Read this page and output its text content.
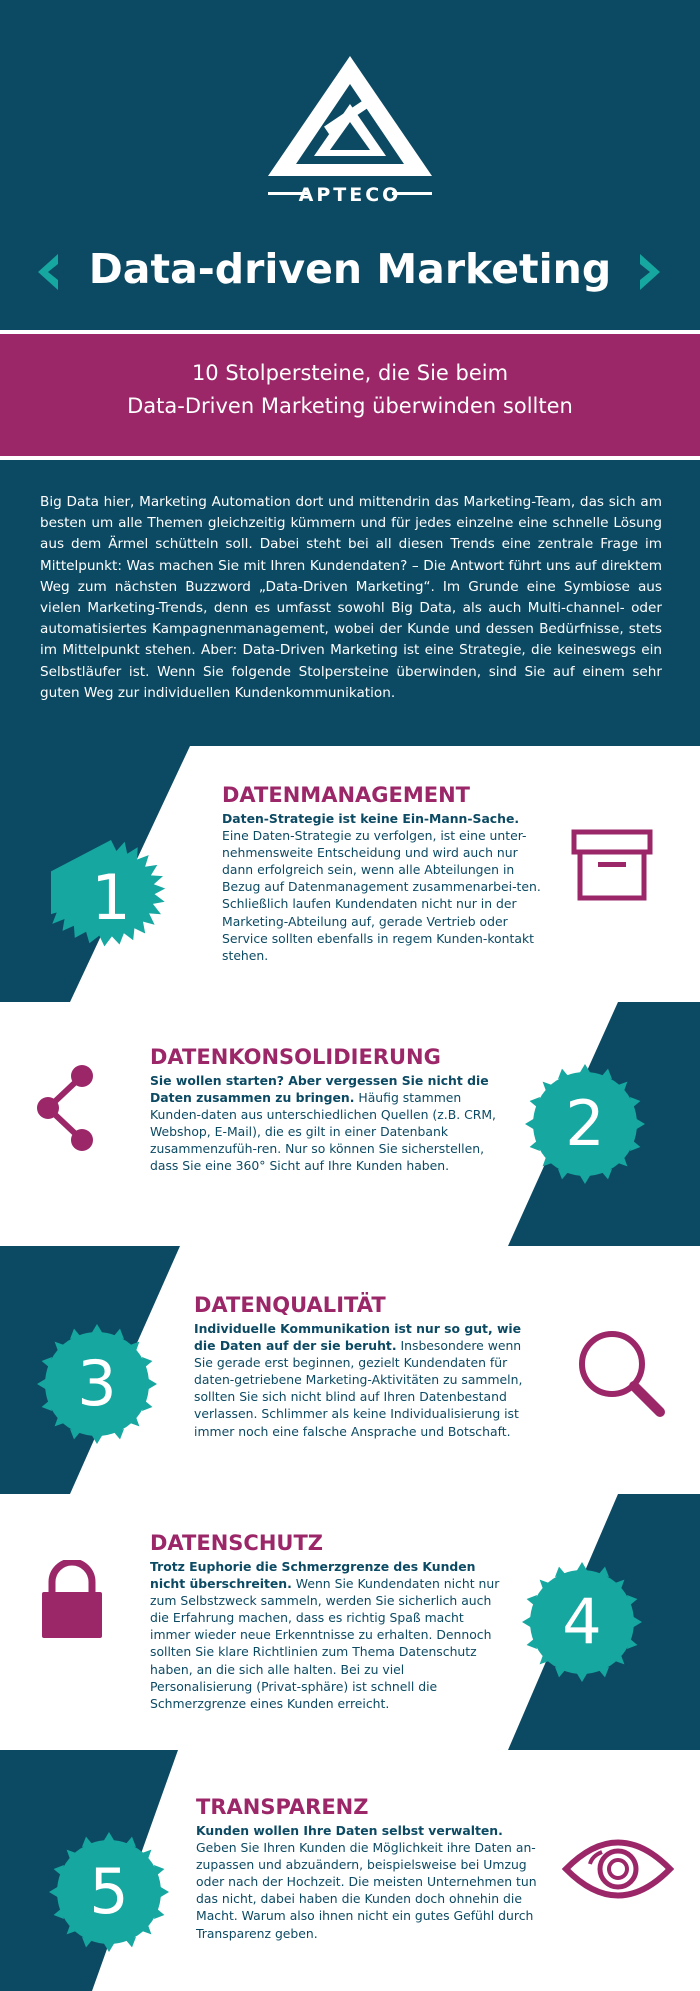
APTECO
Data-driven Marketing
10 Stolpersteine, die Sie beim
Data-Driven Marketing überwinden sollten
Big Data hier, Marketing Automation dort und mittendrin das Marketing-Team, das sich am besten um alle Themen gleichzeitig kümmern und für jedes einzelne eine schnelle Lösung aus dem Ärmel schütteln soll. Dabei steht bei all diesen Trends eine zentrale Frage im Mittelpunkt: Was machen Sie mit Ihren Kundendaten? – Die Antwort führt uns auf direktem Weg zum nächsten Buzzword „Data-Driven Marketing“. Im Grunde eine Symbiose aus vielen Marketing-Trends, denn es umfasst sowohl Big Data, als auch Multi-channel- oder automatisiertes Kampagnenmanagement, wobei der Kunde und dessen Bedürfnisse, stets im Mittelpunkt stehen. Aber: Data-Driven Marketing ist eine Strategie, die keineswegs ein Selbstläufer ist. Wenn Sie folgende Stolpersteine überwinden, sind Sie auf einem sehr guten Weg zur individuellen Kundenkommunikation.
1
DATENMANAGEMENT
Daten-Strategie ist keine Ein-Mann-Sache. Eine Daten-Strategie zu verfolgen, ist eine unter-nehmensweite Entscheidung und wird auch nur dann erfolgreich sein, wenn alle Abteilungen in Bezug auf Datenmanagement zusammenarbei-ten. Schließlich laufen Kundendaten nicht nur in der Marketing-Abteilung auf, gerade Vertrieb oder Service sollten ebenfalls in regem Kunden-kontakt stehen.
DATENKONSOLIDIERUNG
Sie wollen starten? Aber vergessen Sie nicht die Daten zusammen zu bringen. Häufig stammen Kunden-daten aus unterschiedlichen Quellen (z.B. CRM, Webshop, E-Mail), die es gilt in einer Datenbank zusammenzufüh-ren. Nur so können Sie sicherstellen, dass Sie eine 360° Sicht auf Ihre Kunden haben.
2
3
DATENQUALITÄT
Individuelle Kommunikation ist nur so gut, wie die Daten auf der sie beruht. Insbesondere wenn Sie gerade erst beginnen, gezielt Kundendaten für daten-getriebene Marketing-Aktivitäten zu sammeln, sollten Sie sich nicht blind auf Ihren Datenbestand verlassen. Schlimmer als keine Individualisierung ist immer noch eine falsche Ansprache und Botschaft.
DATENSCHUTZ
Trotz Euphorie die Schmerzgrenze des Kunden nicht überschreiten. Wenn Sie Kundendaten nicht nur zum Selbstzweck sammeln, werden Sie sicherlich auch die Erfahrung machen, dass es richtig Spaß macht immer wieder neue Erkenntnisse zu erhalten. Dennoch sollten Sie klare Richtlinien zum Thema Datenschutz haben, an die sich alle halten. Bei zu viel Personalisierung (Privat-sphäre) ist schnell die Schmerzgrenze eines Kunden erreicht.
4
5
TRANSPARENZ
Kunden wollen Ihre Daten selbst verwalten. Geben Sie Ihren Kunden die Möglichkeit ihre Daten an-zupassen und abzuändern, beispielsweise bei Umzug oder nach der Hochzeit. Die meisten Unternehmen tun das nicht, dabei haben die Kunden doch ohnehin die Macht. Warum also ihnen nicht ein gutes Gefühl durch Transparenz geben.
